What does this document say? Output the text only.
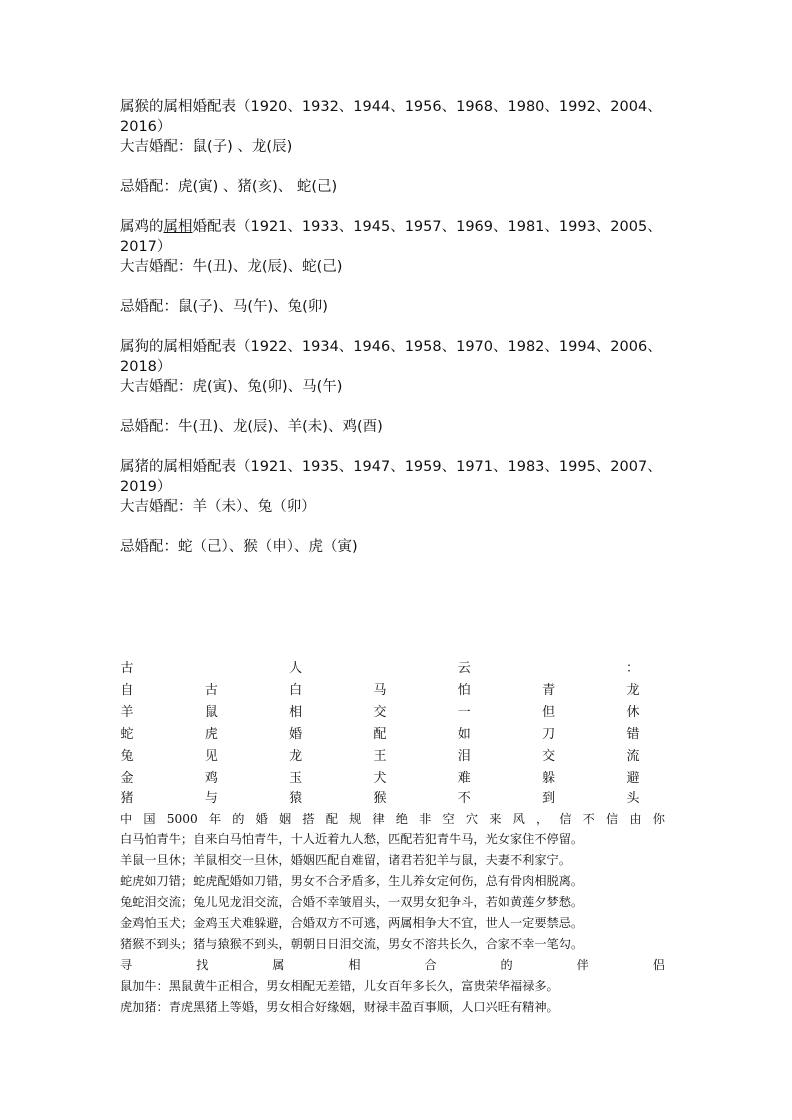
属猴的属相婚配表（1920、1932、1944、1956、1968、1980、1992、2004、

2016）

大吉婚配：鼠(子) 、龙(辰)

忌婚配：虎(寅) 、猪(亥)、 蛇(己)

属鸡的属相婚配表（1921、1933、1945、1957、1969、1981、1993、2005、

2017）

大吉婚配：牛(丑)、龙(辰)、蛇(己)

忌婚配：鼠(子)、马(午)、兔(卯)

属狗的属相婚配表（1922、1934、1946、1958、1970、1982、1994、2006、

2018）

大吉婚配：虎(寅)、兔(卯)、马(午)

忌婚配：牛(丑)、龙(辰)、羊(未)、鸡(酉)

属猪的属相婚配表（1921、1935、1947、1959、1971、1983、1995、2007、

2019）

大吉婚配：羊（未）、兔（卯）

忌婚配：蛇（己）、猴（申）、虎（寅)

古	人	云	：
自	古	白	马	怕	青	龙
羊	鼠	相	交	一	但	休
蛇	虎	婚	配	如	刀	错
兔	见	龙	王	泪	交	流
金	鸡	玉	犬	难	躲	避
猪	与	猿	猴	不	到	头
中 国 5000 年 的 婚 姻 搭 配 规 律 绝 非 空 穴 来 风 ， 信 不 信 由 你
白马怕青牛；自来白马怕青牛，十人近着九人愁，匹配若犯青牛马，光女家住不停留。
羊鼠一旦休；羊鼠相交一旦休，婚姻匹配自难留，诸君若犯羊与鼠，夫妻不利家宁。
蛇虎如刀错；蛇虎配婚如刀错，男女不合矛盾多，生儿养女定何伤，总有骨肉相脱离。
兔蛇泪交流；兔儿见龙泪交流，合婚不幸皱眉头，一双男女犯争斗，若如黄莲夕梦愁。
金鸡怕玉犬；金鸡玉犬难躲避，合婚双方不可逃，两属相争大不宜，世人一定要禁忌。
猪猴不到头；猪与猿猴不到头，朝朝日日泪交流，男女不溶共长久，合家不幸一笔勾。
寻	找	属	相	合	的	伴	侣
鼠加牛：黑鼠黄牛正相合，男女相配无差错，儿女百年多长久，富贵荣华福禄多。
虎加猪：青虎黑猪上等婚，男女相合好缘姻，财禄丰盈百事顺，人口兴旺有精神。
